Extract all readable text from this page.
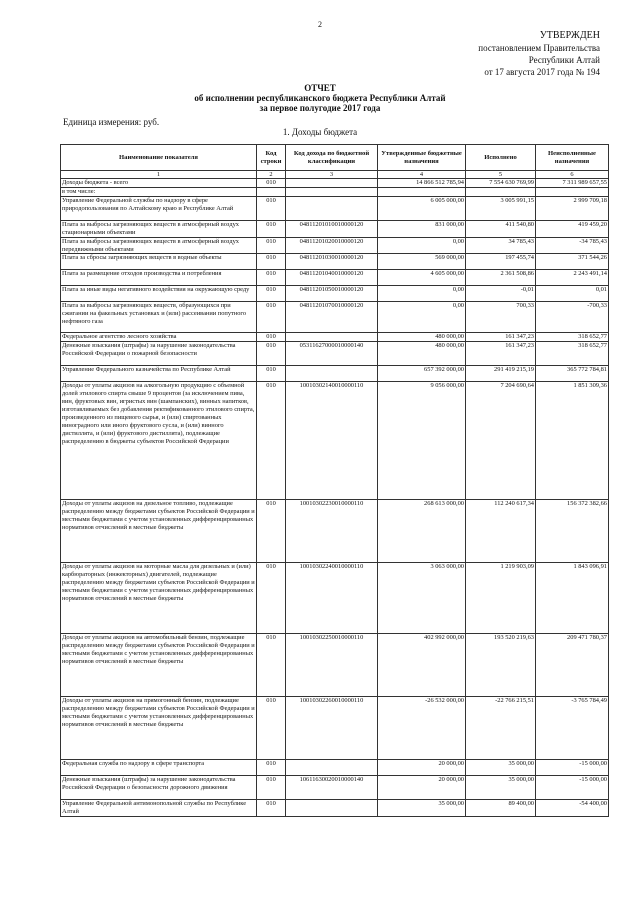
2
УТВЕРЖДЕН
постановлением Правительства
Республики Алтай
от 17 августа 2017 года № 194
ОТЧЕТ
об исполнении республиканского бюджета Республики Алтай
за первое полугодие 2017 года
Единица измерения: руб.
1. Доходы бюджета
Наименование показателя	Код строки	Код дохода по бюджетной классификации	Утвержденные бюджетные назначения	Исполнено	Неисполненные назначения
1	2	3	4	5	6
Доходы бюджета - всего	010		14 866 512 785,94	7 554 630 769,99	7 311 989 657,55
в том числе:					
Управление Федеральной службы по надзору в сфере природопользования по Алтайскому краю и Республике Алтай	010		6 005 000,00	3 005 991,15	2 999 709,18
Плата за выбросы загрязняющих веществ в атмосферный воздух стационарными объектами	010	04811201010010000120	831 000,00	411 540,80	419 459,20
Плата за выбросы загрязняющих веществ в атмосферный воздух передвижными объектами	010	04811201020010000120	0,00	34 785,43	-34 785,43
Плата за сбросы загрязняющих веществ в водные объекты	010	04811201030010000120	569 000,00	197 455,74	371 544,26
Плата за размещение отходов производства и потребления	010	04811201040010000120	4 605 000,00	2 361 508,86	2 243 491,14
Плата за иные виды негативного воздействия на окружающую среду	010	04811201050010000120	0,00	-0,01	0,01
Плата за выбросы загрязняющих веществ, образующихся при сжигании на факельных установках и (или) рассеивании попутного нефтяного газа	010	04811201070010000120	0,00	700,33	-700,33
Федеральное агентство лесного хозяйства	010		480 000,00	161 347,23	318 652,77
Денежные взыскания (штрафы) за нарушение законодательства Российской Федерации о пожарной безопасности	010	05311627000010000140	480 000,00	161 347,23	318 652,77
Управление Федерального казначейства по Республике Алтай	010		657 392 000,00	291 419 215,19	365 772 784,81
Доходы от уплаты акцизов на алкогольную продукцию с объемной долей этилового спирта свыше 9 процентов (за исключением пива, вин, фруктовых вин, игристых вин (шампанских), винных напитков, изготавливаемых без добавления ректификованного этилового спирта, произведенного из пищевого сырья, и (или) спиртованных виноградного или иного фруктового сусла, и (или) винного дистиллята, и (или) фруктового дистиллята), подлежащие распределению в бюджеты субъектов Российской Федерации	010	10010302140010000110	9 056 000,00	7 204 690,64	1 851 309,36
Доходы от уплаты акцизов на дизельное топливо, подлежащие распределению между бюджетами субъектов Российской Федерации и местными бюджетами с учетом установленных дифференцированных нормативов отчислений в местные бюджеты	010	10010302230010000110	268 613 000,00	112 240 617,34	156 372 382,66
Доходы от уплаты акцизов на моторные масла для дизельных и (или) карбюраторных (инжекторных) двигателей, подлежащие распределению между бюджетами субъектов Российской Федерации и местными бюджетами с учетом установленных дифференцированных нормативов отчислений в местные бюджеты	010	10010302240010000110	3 063 000,00	1 219 903,09	1 843 096,91
Доходы от уплаты акцизов на автомобильный бензин, подлежащие распределению между бюджетами субъектов Российской Федерации и местными бюджетами с учетом установленных дифференцированных нормативов отчислений в местные бюджеты	010	10010302250010000110	402 992 000,00	193 520 219,63	209 471 780,37
Доходы от уплаты акцизов на прямогонный бензин, подлежащие распределению между бюджетами субъектов Российской Федерации и местными бюджетами с учетом установленных дифференцированных нормативов отчислений в местные бюджеты	010	10010302260010000110	-26 532 000,00	-22 766 215,51	-3 765 784,49
Федеральная служба по надзору в сфере транспорта	010		20 000,00	35 000,00	-15 000,00
Денежные взыскания (штрафы) за нарушение законодательства Российской Федерации о безопасности дорожного движения	010	10611630020010000140	20 000,00	35 000,00	-15 000,00
Управление Федеральной антимонопольной службы по Республике Алтай	010		35 000,00	89 400,00	-54 400,00
